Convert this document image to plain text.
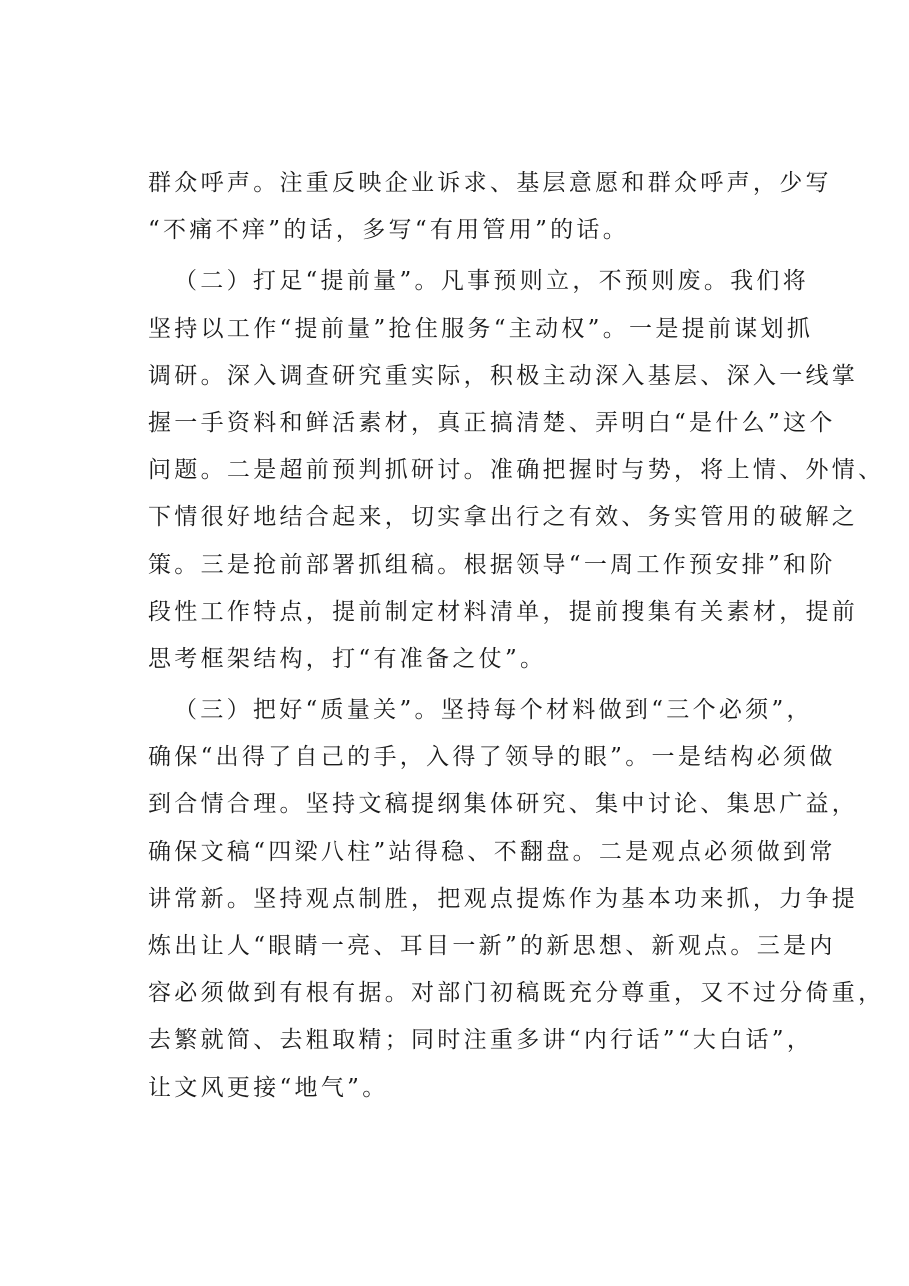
群众呼声。注重反映企业诉求、基层意愿和群众呼声，少写
“不痛不痒”的话，多写“有用管用”的话。
（二）打足“提前量”。凡事预则立，不预则废。我们将
坚持以工作“提前量”抢住服务“主动权”。一是提前谋划抓
调研。深入调查研究重实际，积极主动深入基层、深入一线掌
握一手资料和鲜活素材，真正搞清楚、弄明白“是什么”这个
问题。二是超前预判抓研讨。准确把握时与势，将上情、外情、
下情很好地结合起来，切实拿出行之有效、务实管用的破解之
策。三是抢前部署抓组稿。根据领导“一周工作预安排”和阶
段性工作特点，提前制定材料清单，提前搜集有关素材，提前
思考框架结构，打“有准备之仗”。
（三）把好“质量关”。坚持每个材料做到“三个必须”，
确保“出得了自己的手，入得了领导的眼”。一是结构必须做
到合情合理。坚持文稿提纲集体研究、集中讨论、集思广益，
确保文稿“四梁八柱”站得稳、不翻盘。二是观点必须做到常
讲常新。坚持观点制胜，把观点提炼作为基本功来抓，力争提
炼出让人“眼睛一亮、耳目一新”的新思想、新观点。三是内
容必须做到有根有据。对部门初稿既充分尊重，又不过分倚重，
去繁就简、去粗取精；同时注重多讲“内行话”“大白话”，
让文风更接“地气”。
